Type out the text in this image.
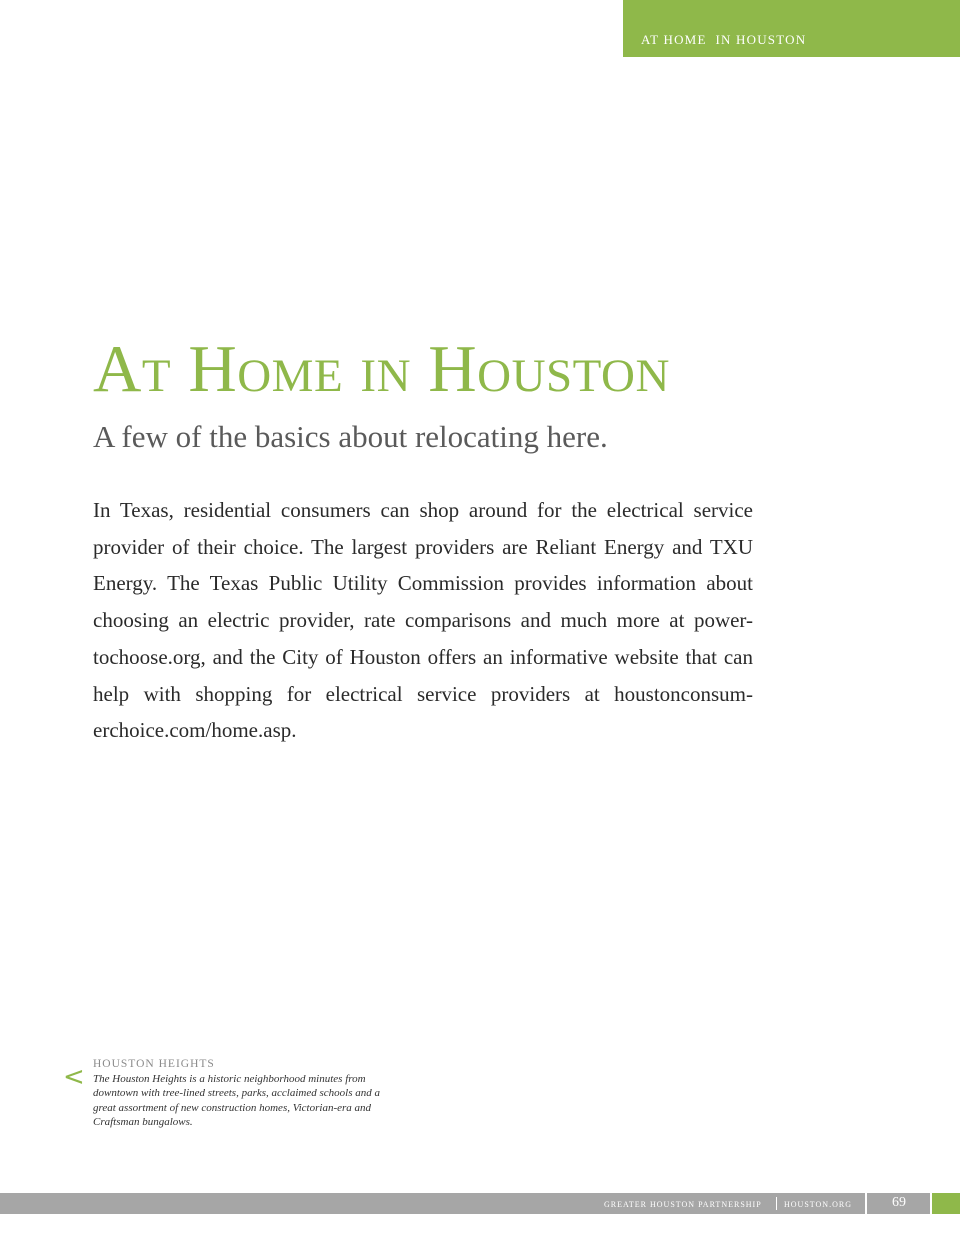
AT HOME  IN HOUSTON
At Home in Houston
A few of the basics about relocating here.

In Texas, residential consumers can shop around for the electrical service provider of their choice. The largest providers are Reliant Energy and TXU Energy. The Texas Public Utility Commission provides information about choosing an electric provider, rate comparisons and much more at power-tochoose.org, and the City of Houston offers an informative website that can help with shopping for electrical service providers at houstonconsum-erchoice.com/home.asp.

< HOUSTON HEIGHTS

The Houston Heights is a historic neighborhood minutes from downtown with tree-lined streets, parks, acclaimed schools and a great assortment of new construction homes, Victorian-era and Craftsman bungalows.

GREATER HOUSTON PARTNERSHIP	HOUSTON.ORG	69
